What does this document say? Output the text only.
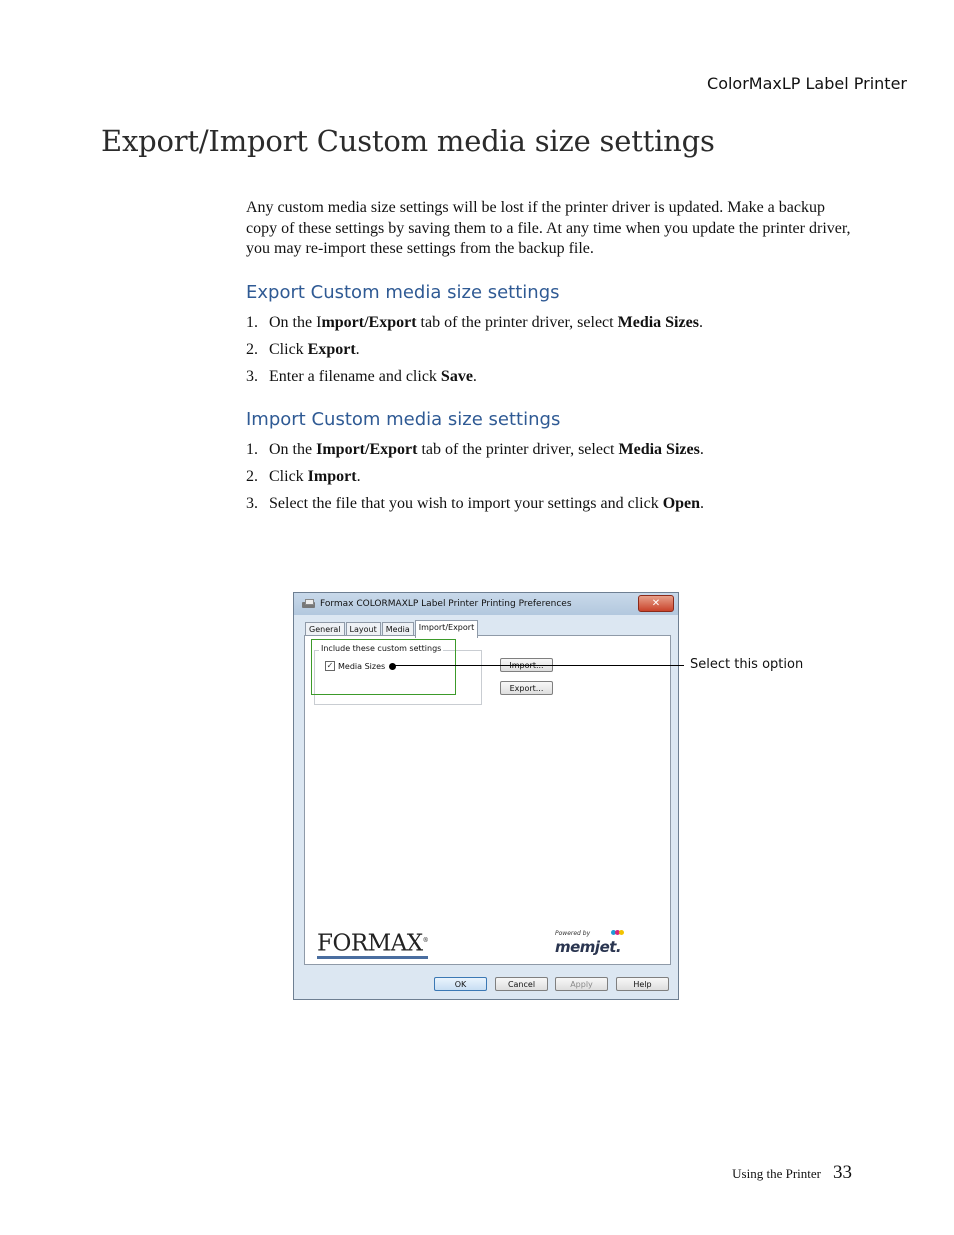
ColorMaxLP Label Printer
Export/Import Custom media size settings

Any custom media size settings will be lost if the printer driver is updated. Make a backup copy of these settings by saving them to a file. At any time when you update the printer driver, you may re-import these settings from the backup file.

Export Custom media size settings
1. On the Import/Export tab of the printer driver, select Media Sizes.
2. Click Export.
3. Enter a filename and click Save.
Import Custom media size settings
1. On the Import/Export tab of the printer driver, select Media Sizes.
2. Click Import.
3. Select the file that you wish to import your settings and click Open.
Formax COLORMAXLP Label Printer Printing Preferences	✕
General	Layout	Media	Import/Export
Include these custom settings
✓ Media Sizes
Export...
FORMAX®
Powered by
memjet.
OK	Cancel	Apply	Help
Select this option
Using the Printer 33
